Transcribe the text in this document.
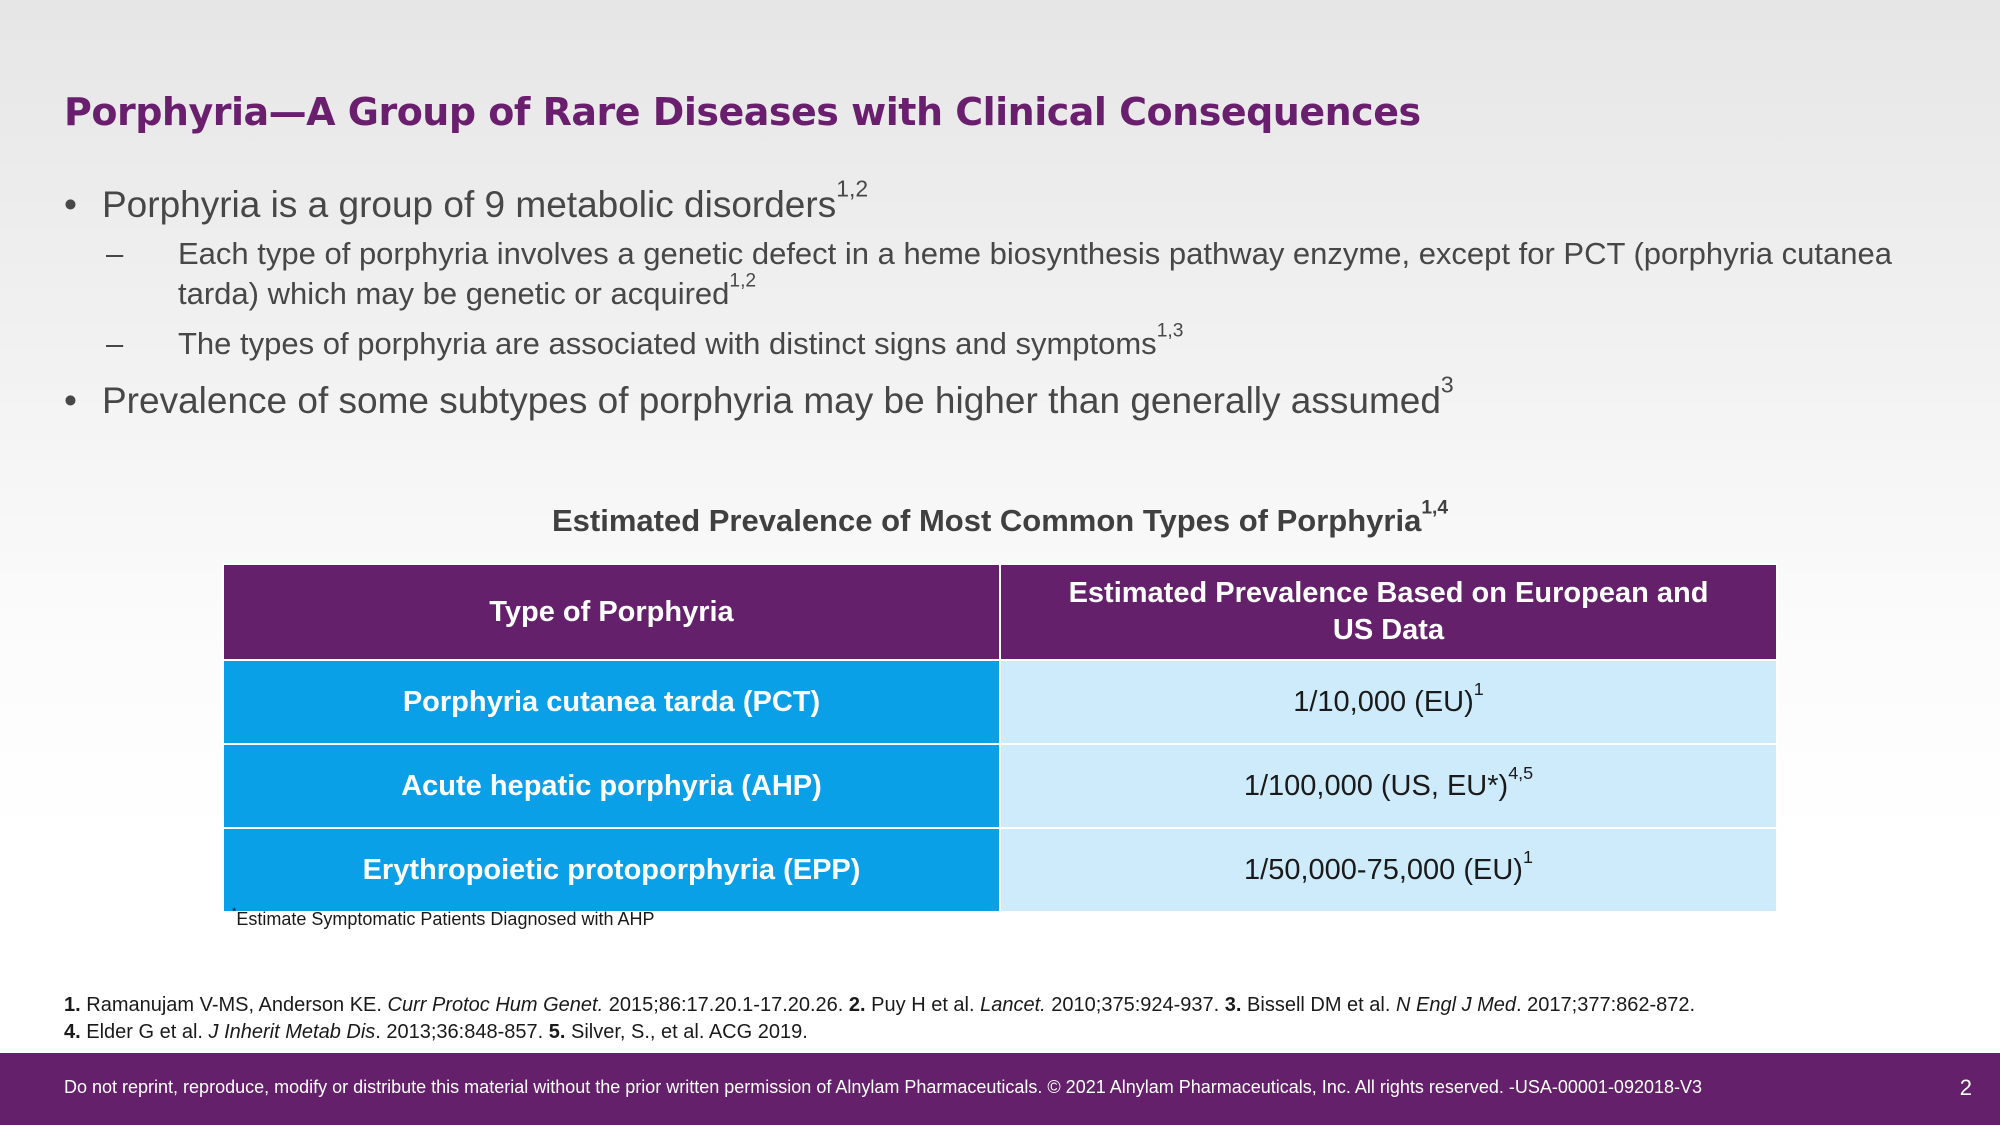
Porphyria—A Group of Rare Diseases with Clinical Consequences
• Porphyria is a group of 9 metabolic disorders$^{1,2}$
– Each type of porphyria involves a genetic defect in a heme biosynthesis pathway enzyme, except for PCT (porphyria cutanea tarda) which may be genetic or acquired$^{1,2}$
– The types of porphyria are associated with distinct signs and symptoms$^{1,3}$
• Prevalence of some subtypes of porphyria may be higher than generally assumed$^3$
Estimated Prevalence of Most Common Types of Porphyria$^{1,4}$
Type of Porphyria	Estimated Prevalence Based on European and US Data

Porphyria cutanea tarda (PCT)	1/10,000 (EU)$^1$
Acute hepatic porphyria (AHP)	1/100,000 (US, EU*)$^{4,5}$
Erythropoietic protoporphyria (EPP)	1/50,000-75,000 (EU)$^1$
*Estimate Symptomatic Patients Diagnosed with AHP
1. Ramanujam V-MS, Anderson KE. Curr Protoc Hum Genet. 2015;86:17.20.1-17.20.26. 2. Puy H et al. Lancet. 2010;375:924-937. 3. Bissell DM et al. N Engl J Med. 2017;377:862-872.
4. Elder G et al. J Inherit Metab Dis. 2013;36:848-857. 5. Silver, S., et al. ACG 2019.
Do not reprint, reproduce, modify or distribute this material without the prior written permission of Alnylam Pharmaceuticals. © 2021 Alnylam Pharmaceuticals, Inc. All rights reserved. -USA-00001-092018-V3	2
